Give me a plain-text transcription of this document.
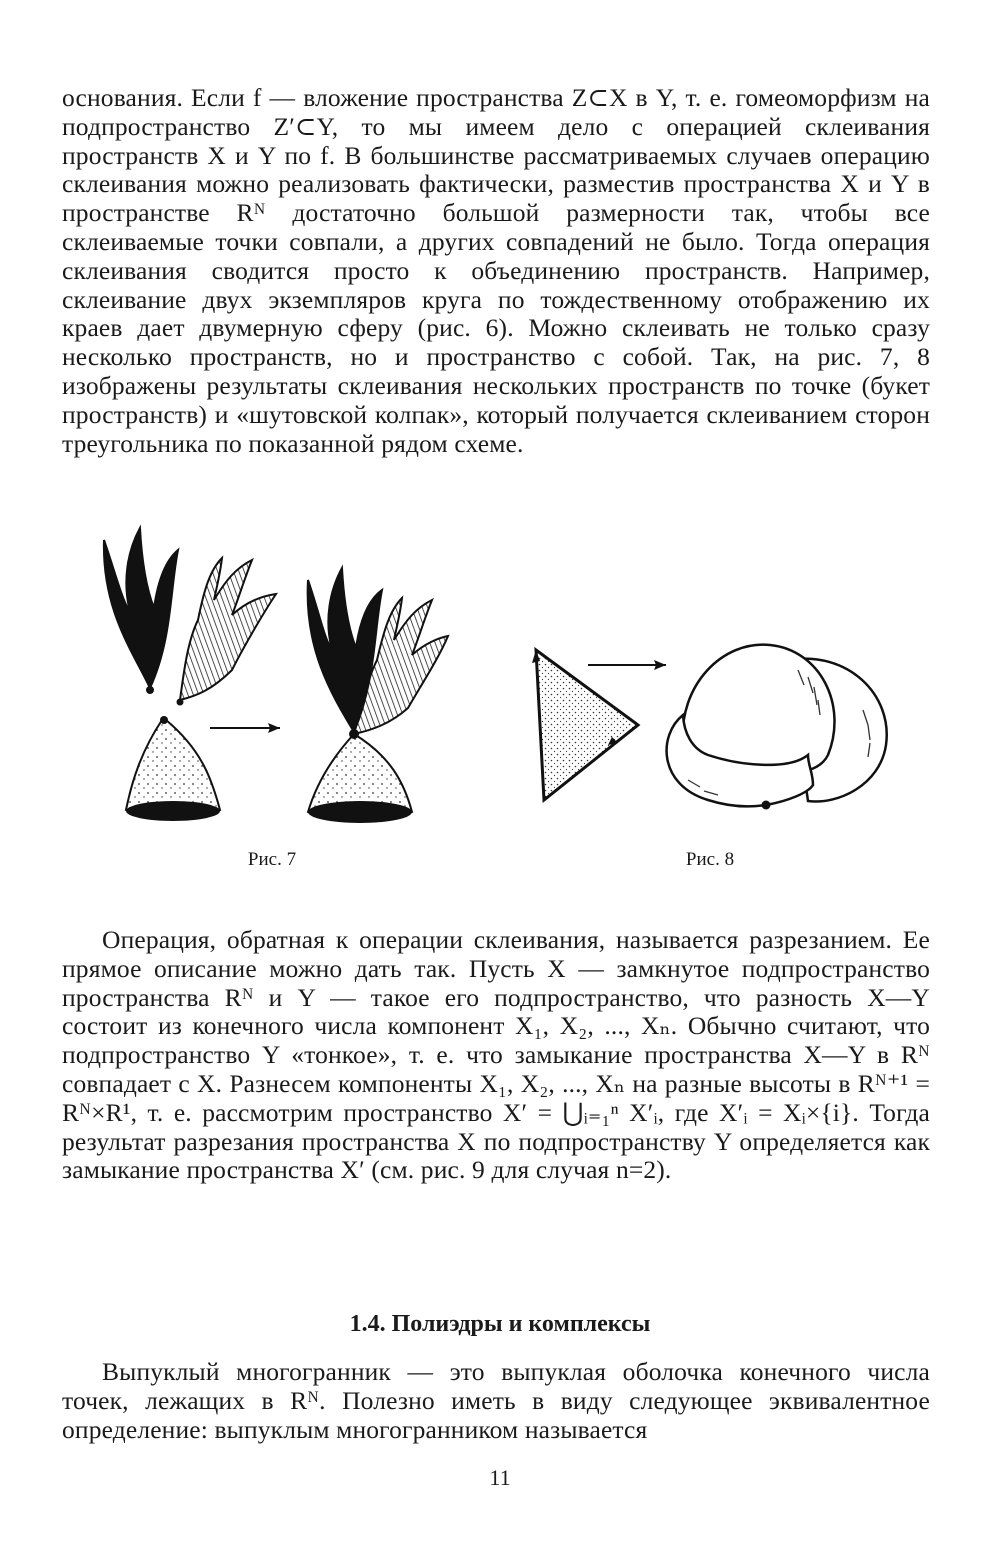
основания. Если f — вложение пространства Z⊂X в Y, т. е. гомеоморфизм на подпространство Z′⊂Y, то мы имеем дело с операцией склеивания пространств X и Y по f. В большинстве рассматриваемых случаев операцию склеивания можно реализовать фактически, разместив пространства X и Y в пространстве Rᴺ достаточно большой размерности так, чтобы все склеиваемые точки совпали, а других совпадений не было. Тогда операция склеивания сводится просто к объединению пространств. Например, склеивание двух экземпляров круга по тождественному отображению их краев дает двумерную сферу (рис. 6). Можно склеивать не только сразу несколько пространств, но и пространство с собой. Так, на рис. 7, 8 изображены результаты склеивания нескольких пространств по точке (букет пространств) и «шутовской колпак», который получается склеиванием сторон треугольника по показанной рядом схеме.

Рис. 7	Рис. 8

Операция, обратная к операции склеивания, называется разрезанием. Ее прямое описание можно дать так. Пусть X — замкнутое подпространство пространства Rᴺ и Y — такое его подпространство, что разность X—Y состоит из конечного числа компонент X₁, X₂, ..., Xₙ. Обычно считают, что подпространство Y «тонкое», т. е. что замыкание пространства X—Y в Rᴺ совпадает с X. Разнесем компоненты X₁, X₂, ..., Xₙ на разные высоты в Rᴺ⁺¹ = Rᴺ×R¹, т. е. рассмотрим пространство X′ = ⋃ᵢ₌₁ⁿ X′ᵢ, где X′ᵢ = Xᵢ×{i}. Тогда результат разрезания пространства X по подпространству Y определяется как замыкание пространства X′ (см. рис. 9 для случая n=2).

1.4. Полиэдры и комплексы

Выпуклый многогранник — это выпуклая оболочка конечного числа точек, лежащих в Rᴺ. Полезно иметь в виду следующее эквивалентное определение: выпуклым многогранником называется

11
